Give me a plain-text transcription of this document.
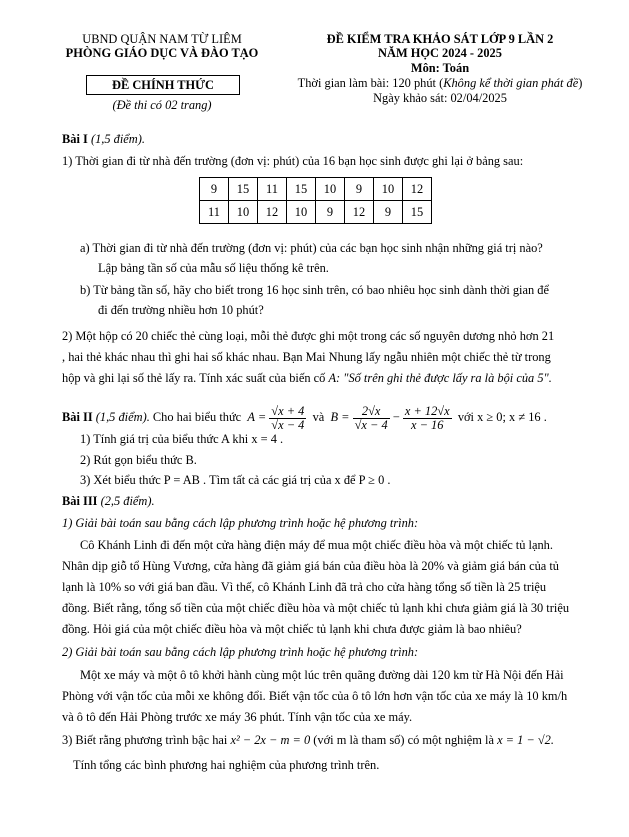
UBND QUẬN NAM TỪ LIÊM
PHÒNG GIÁO DỤC VÀ ĐÀO TẠO
ĐỀ CHÍNH THỨC
(Đề thi có 02 trang)
ĐỀ KIỂM TRA KHẢO SÁT LỚP 9 LẦN 2
NĂM HỌC 2024 - 2025
Môn: Toán
Thời gian làm bài: 120 phút (Không kể thời gian phát đề)
Ngày khảo sát: 02/04/2025
Bài I (1,5 điểm).
1) Thời gian đi từ nhà đến trường (đơn vị: phút) của 16 bạn học sinh được ghi lại ở bảng sau:
9	15	11	15	10	9	10	12
11	10	12	10	9	12	9	15
a) Thời gian đi từ nhà đến trường (đơn vị: phút) của các bạn học sinh nhận những giá trị nào?
Lập bảng tần số của mẫu số liệu thống kê trên.
b) Từ bảng tần số, hãy cho biết trong 16 học sinh trên, có bao nhiêu học sinh dành thời gian để
đi đến trường nhiều hơn 10 phút?
2) Một hộp có 20 chiếc thẻ cùng loại, mỗi thẻ được ghi một trong các số nguyên dương nhỏ hơn 21
, hai thẻ khác nhau thì ghi hai số khác nhau. Bạn Mai Nhung lấy ngẫu nhiên một chiếc thẻ từ trong
hộp và ghi lại số thẻ lấy ra. Tính xác suất của biến cố A: "Số trên ghi thẻ được lấy ra là bội của 5".
Bài II (1,5 điểm). Cho hai biểu thức  $A = \frac{√x + 4}{√x - 4}$ và $B = \frac{2√x}{√x - 4} - \frac{x + 12√x}{x - 16}$ với x ≥ 0; x ≠ 16 .
1) Tính giá trị của biểu thức A khi x = 4 .
2) Rút gọn biểu thức B.
3) Xét biểu thức P = AB . Tìm tất cả các giá trị của x để P ≥ 0 .
Bài III (2,5 điểm).
1) Giải bài toán sau bằng cách lập phương trình hoặc hệ phương trình:
Cô Khánh Linh đi đến một cửa hàng điện máy để mua một chiếc điều hòa và một chiếc tủ lạnh.
Nhân dịp giỗ tổ Hùng Vương, cửa hàng đã giảm giá bán của điều hòa là 20% và giảm giá bán của tủ
lạnh là 10% so với giá ban đầu. Vì thế, cô Khánh Linh đã trả cho cửa hàng tổng số tiền là 25 triệu
đồng. Biết rằng, tổng số tiền của một chiếc điều hòa và một chiếc tủ lạnh khi chưa giảm giá là 30 triệu
đồng. Hỏi giá của một chiếc điều hòa và một chiếc tủ lạnh khi chưa được giảm là bao nhiêu?
2) Giải bài toán sau bằng cách lập phương trình hoặc hệ phương trình:
Một xe máy và một ô tô khởi hành cùng một lúc trên quãng đường dài 120 km từ Hà Nội đến Hải
Phòng với vận tốc của mỗi xe không đổi. Biết vận tốc của ô tô lớn hơn vận tốc của xe máy là 10 km/h
và ô tô đến Hải Phòng trước xe máy 36 phút. Tính vận tốc của xe máy.
3) Biết rằng phương trình bậc hai x² − 2x − m = 0 (với m là tham số) có một nghiệm là x = 1 − √2.
Tính tổng các bình phương hai nghiệm của phương trình trên.
